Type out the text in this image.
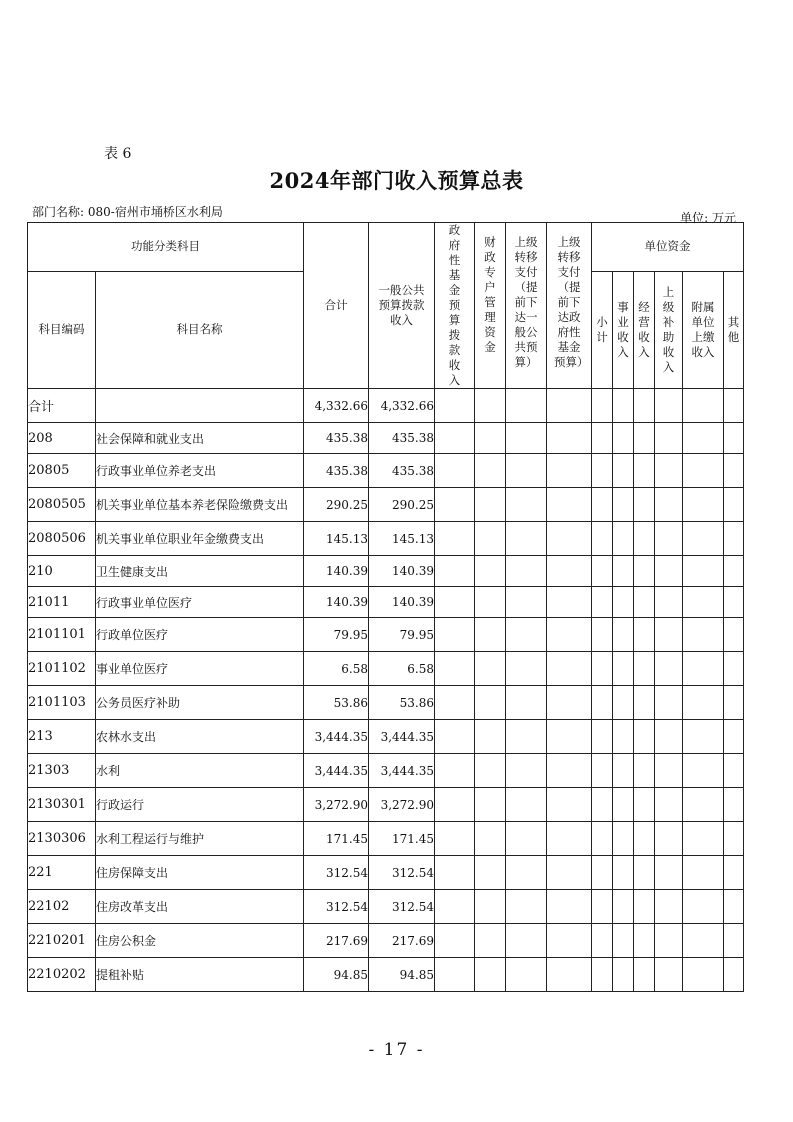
表 6
2024年部门收入预算总表
部门名称: 080-宿州市埇桥区水利局	单位: 万元
功能分类科目		合计	一般公共预算拨款收入	政府性基金预算拨款收入	财政专户管理资金	上级转移支付（提前下达一般公共预算）	上级转移支付（提前下达政府性基金预算）	单位资金					
科目编码	科目名称							小计	事业收入	经营收入	上级补助收入	附属单位上缴收入	其他
合计		4,332.66	4,332.66										
208	社会保障和就业支出	435.38	435.38										
20805	行政事业单位养老支出	435.38	435.38										
2080505	机关事业单位基本养老保险缴费支出	290.25	290.25										
2080506	机关事业单位职业年金缴费支出	145.13	145.13										
210	卫生健康支出	140.39	140.39										
21011	行政事业单位医疗	140.39	140.39										
2101101	行政单位医疗	79.95	79.95										
2101102	事业单位医疗	6.58	6.58										
2101103	公务员医疗补助	53.86	53.86										
213	农林水支出	3,444.35	3,444.35										
21303	水利	3,444.35	3,444.35										
2130301	行政运行	3,272.90	3,272.90										
2130306	水利工程运行与维护	171.45	171.45										
221	住房保障支出	312.54	312.54										
22102	住房改革支出	312.54	312.54										
2210201	住房公积金	217.69	217.69										
2210202	提租补贴	94.85	94.85										
- 17 -
